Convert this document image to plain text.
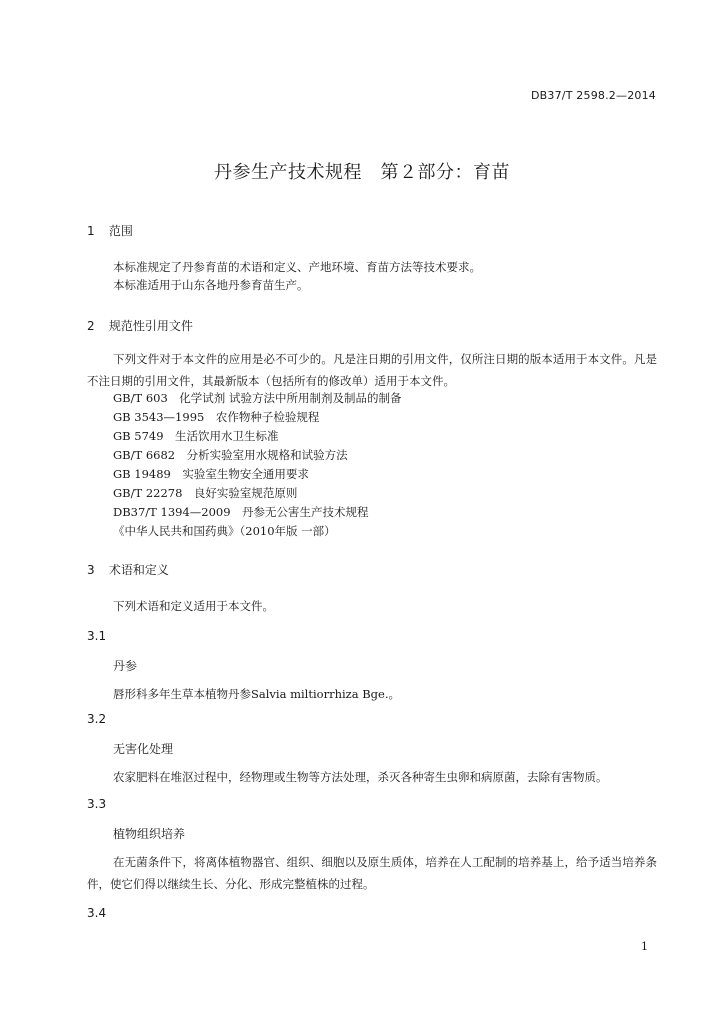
DB37/T 2598.2—2014
丹参生产技术规程　第２部分：育苗
1 范围
本标准规定了丹参育苗的术语和定义、产地环境、育苗方法等技术要求。
本标准适用于山东各地丹参育苗生产。
2 规范性引用文件
下列文件对于本文件的应用是必不可少的。凡是注日期的引用文件，仅所注日期的版本适用于本文件。凡是不注日期的引用文件，其最新版本（包括所有的修改单）适用于本文件。
GB/T 603　化学试剂 试验方法中所用制剂及制品的制备
GB 3543—1995　农作物种子检验规程
GB 5749　生活饮用水卫生标准
GB/T 6682　分析实验室用水规格和试验方法
GB 19489　实验室生物安全通用要求
GB/T 22278　良好实验室规范原则
DB37/T 1394—2009　丹参无公害生产技术规程
《中华人民共和国药典》（2010年版 一部）
3 术语和定义
下列术语和定义适用于本文件。
3.1
丹参
唇形科多年生草本植物丹参Salvia miltiorrhiza Bge.。
3.2
无害化处理
农家肥料在堆沤过程中，经物理或生物等方法处理，杀灭各种寄生虫卵和病原菌，去除有害物质。
3.3
植物组织培养
在无菌条件下，将离体植物器官、组织、细胞以及原生质体，培养在人工配制的培养基上，给予适当培养条件，使它们得以继续生长、分化、形成完整植株的过程。
3.4
1
